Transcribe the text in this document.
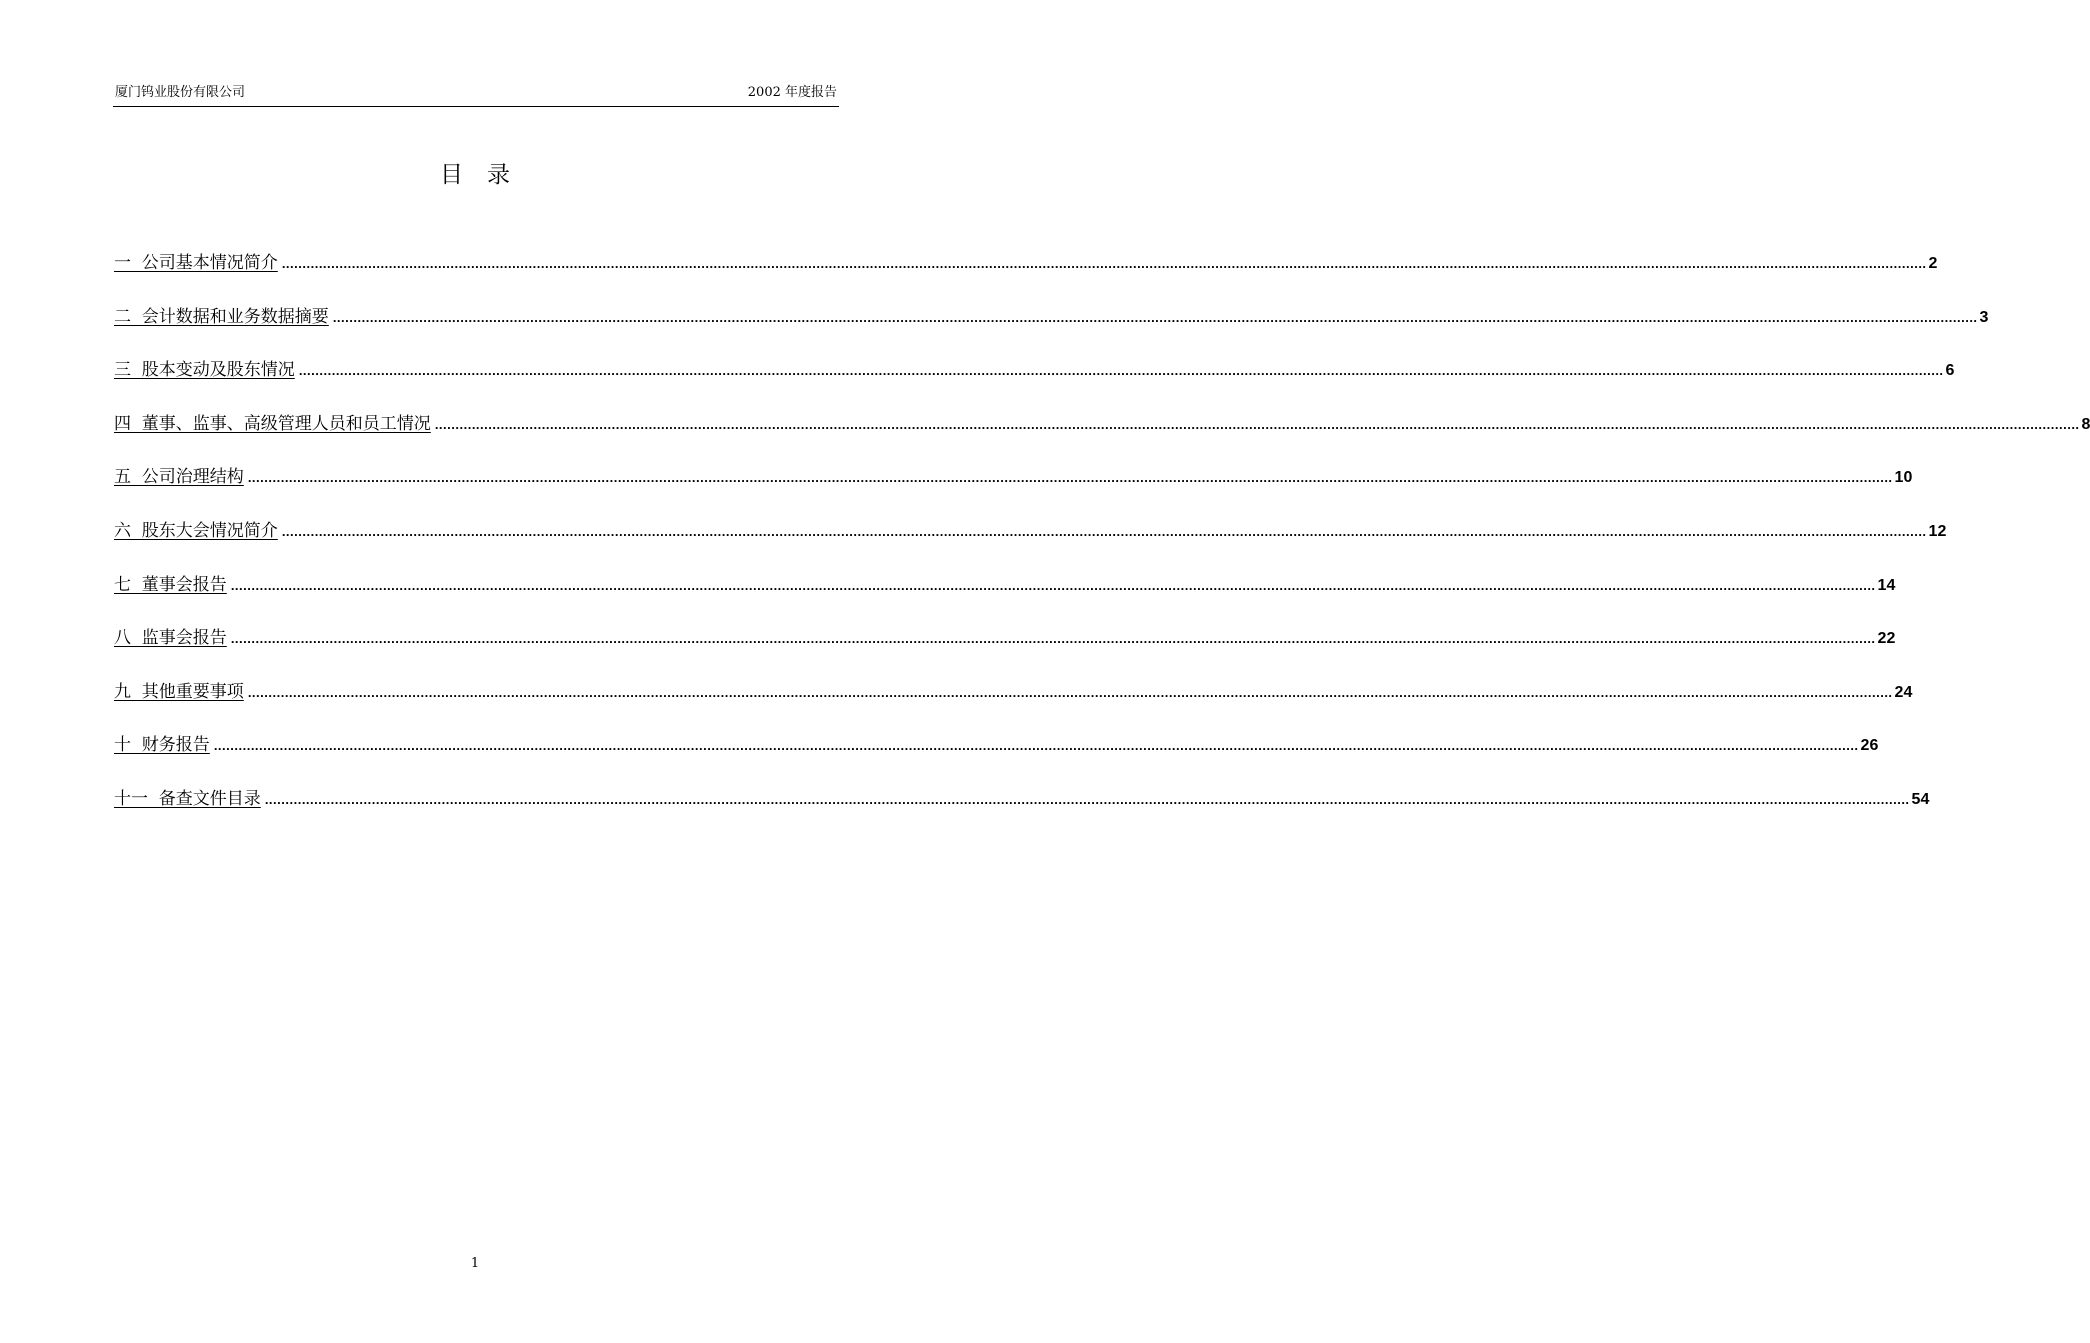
厦门钨业股份有限公司	2002 年度报告
目录
一  公司基本情况简介 ................................................................................................................................................................................................................................................................................................................................................................................................................ 2
二  会计数据和业务数据摘要 ................................................................................................................................................................................................................................................................................................................................................................................................................ 3
三  股本变动及股东情况 ................................................................................................................................................................................................................................................................................................................................................................................................................ 6
四  董事、监事、高级管理人员和员工情况 ................................................................................................................................................................................................................................................................................................................................................................................................................ 8
五  公司治理结构 ................................................................................................................................................................................................................................................................................................................................................................................................................ 10
六  股东大会情况简介 ................................................................................................................................................................................................................................................................................................................................................................................................................ 12
七  董事会报告 ................................................................................................................................................................................................................................................................................................................................................................................................................ 14
八  监事会报告 ................................................................................................................................................................................................................................................................................................................................................................................................................ 22
九  其他重要事项 ................................................................................................................................................................................................................................................................................................................................................................................................................ 24
十  财务报告 ................................................................................................................................................................................................................................................................................................................................................................................................................ 26
十一  备查文件目录 ................................................................................................................................................................................................................................................................................................................................................................................................................ 54
1
